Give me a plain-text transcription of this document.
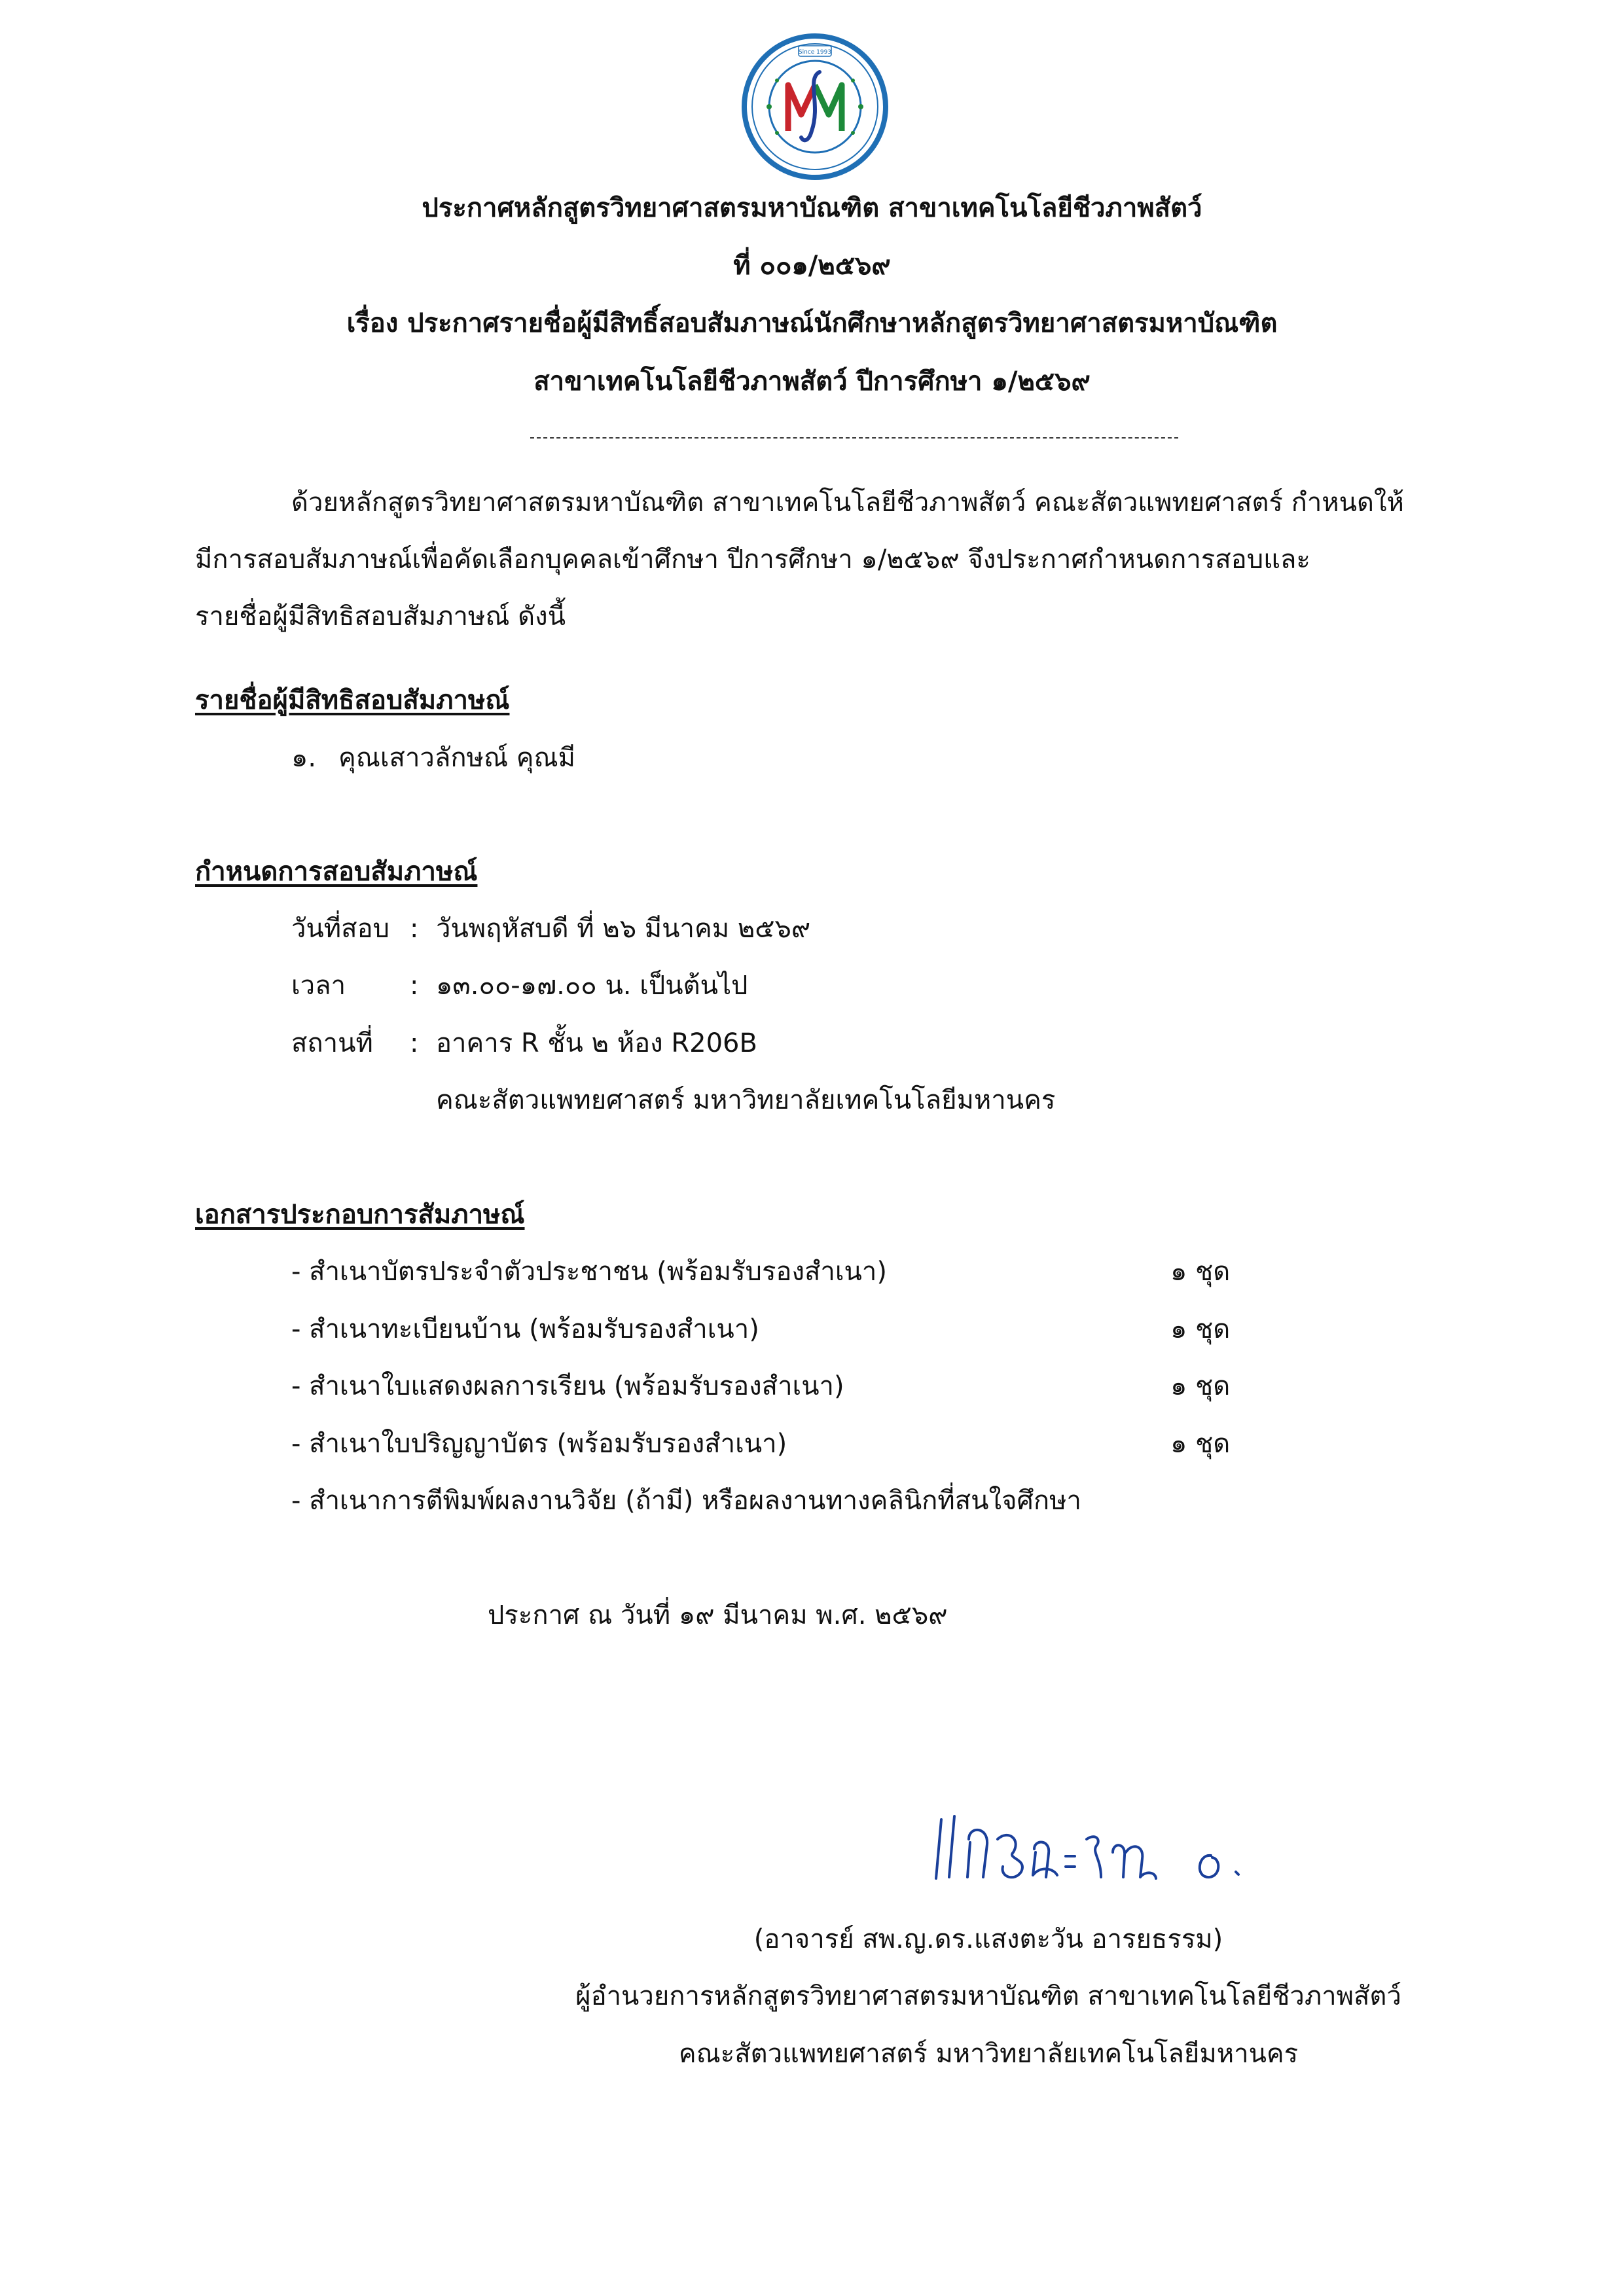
Since 1993
ประกาศหลักสูตรวิทยาศาสตรมหาบัณฑิต สาขาเทคโนโลยีชีวภาพสัตว์
ที่ ๐๐๑/๒๕๖๙
เรื่อง ประกาศรายชื่อผู้มีสิทธิ์สอบสัมภาษณ์นักศึกษาหลักสูตรวิทยาศาสตรมหาบัณฑิต
สาขาเทคโนโลยีชีวภาพสัตว์ ปีการศึกษา ๑/๒๕๖๙
ด้วยหลักสูตรวิทยาศาสตรมหาบัณฑิต สาขาเทคโนโลยีชีวภาพสัตว์ คณะสัตวแพทยศาสตร์ กำหนดให้
มีการสอบสัมภาษณ์เพื่อคัดเลือกบุคคลเข้าศึกษา ปีการศึกษา ๑/๒๕๖๙ จึงประกาศกำหนดการสอบและ
รายชื่อผู้มีสิทธิสอบสัมภาษณ์ ดังนี้
รายชื่อผู้มีสิทธิสอบสัมภาษณ์
๑. คุณเสาวลักษณ์ คุณมี
กำหนดการสอบสัมภาษณ์
วันที่สอบ : วันพฤหัสบดี ที่ ๒๖ มีนาคม ๒๕๖๙
เวลา : ๑๓.๐๐-๑๗.๐๐ น. เป็นต้นไป
สถานที่ : อาคาร R ชั้น ๒ ห้อง R206B
คณะสัตวแพทยศาสตร์ มหาวิทยาลัยเทคโนโลยีมหานคร
เอกสารประกอบการสัมภาษณ์
- สำเนาบัตรประจำตัวประชาชน (พร้อมรับรองสำเนา)	๑ ชุด
- สำเนาทะเบียนบ้าน (พร้อมรับรองสำเนา)	๑ ชุด
- สำเนาใบแสดงผลการเรียน (พร้อมรับรองสำเนา)	๑ ชุด
- สำเนาใบปริญญาบัตร (พร้อมรับรองสำเนา)	๑ ชุด
- สำเนาการตีพิมพ์ผลงานวิจัย (ถ้ามี) หรือผลงานทางคลินิกที่สนใจศึกษา
ประกาศ ณ วันที่ ๑๙ มีนาคม พ.ศ. ๒๕๖๙
(อาจารย์ สพ.ญ.ดร.แสงตะวัน อารยธรรม)
ผู้อำนวยการหลักสูตรวิทยาศาสตรมหาบัณฑิต สาขาเทคโนโลยีชีวภาพสัตว์
คณะสัตวแพทยศาสตร์ มหาวิทยาลัยเทคโนโลยีมหานคร
